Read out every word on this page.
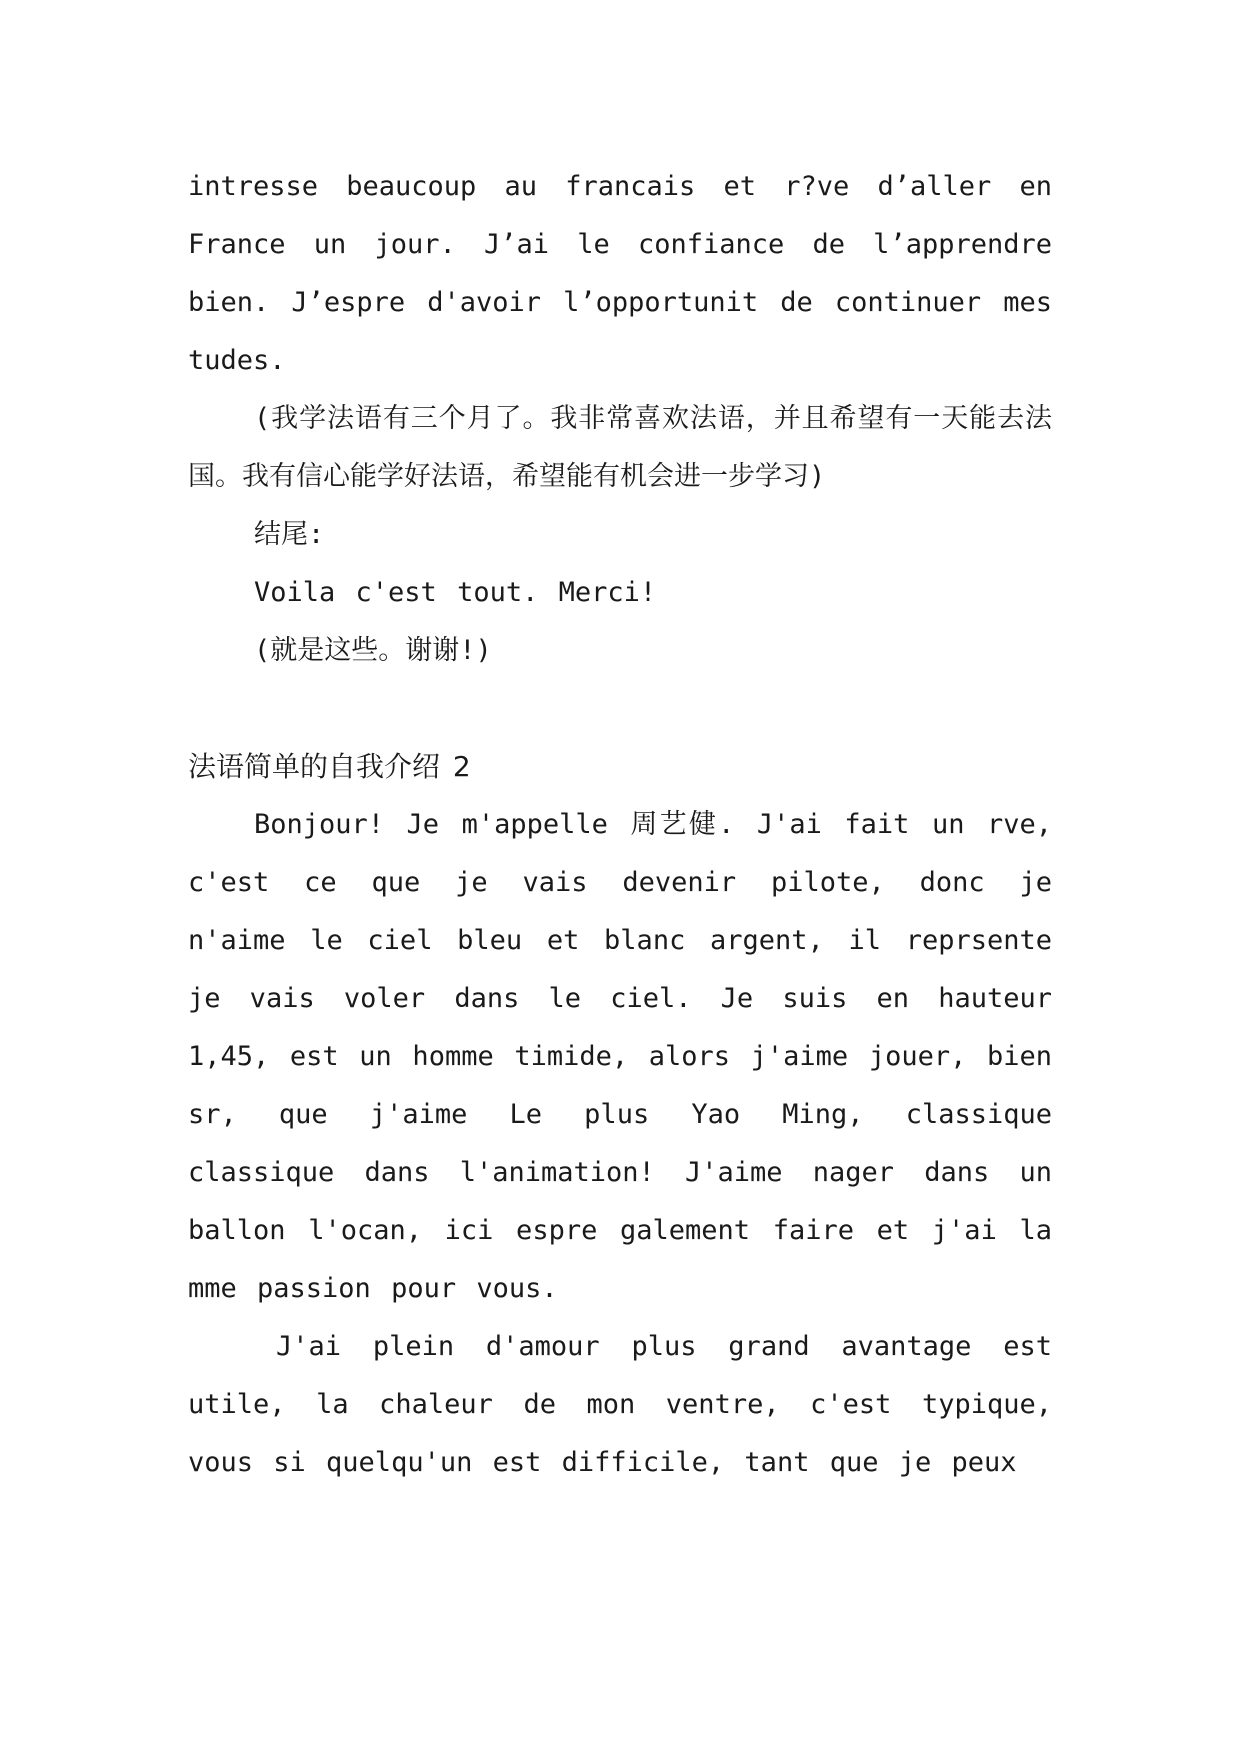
intresse beaucoup au francais et r?ve d’aller en France un jour. J’ai le confiance de l’apprendre bien. J’espre d'avoir l’opportunit de continuer mes tudes.

(我学法语有三个月了。我非常喜欢法语，并且希望有一天能去法国。我有信心能学好法语，希望能有机会进一步学习)

结尾:

Voila c'est tout. Merci!

(就是这些。谢谢!)

法语简单的自我介绍 2

Bonjour! Je m'appelle 周艺健. J'ai fait un rve, c'est ce que je vais devenir pilote, donc je n'aime le ciel bleu et blanc argent, il reprsente je vais voler dans le ciel. Je suis en hauteur 1,45, est un homme timide, alors j'aime jouer, bien sr, que j'aime Le plus Yao Ming, classique classique dans l'animation! J'aime nager dans un ballon l'ocan, ici espre galement faire et j'ai la mme passion pour vous.

J'ai plein d'amour plus grand avantage est utile, la chaleur de mon ventre, c'est typique, vous si quelqu'un est difficile, tant que je peux
